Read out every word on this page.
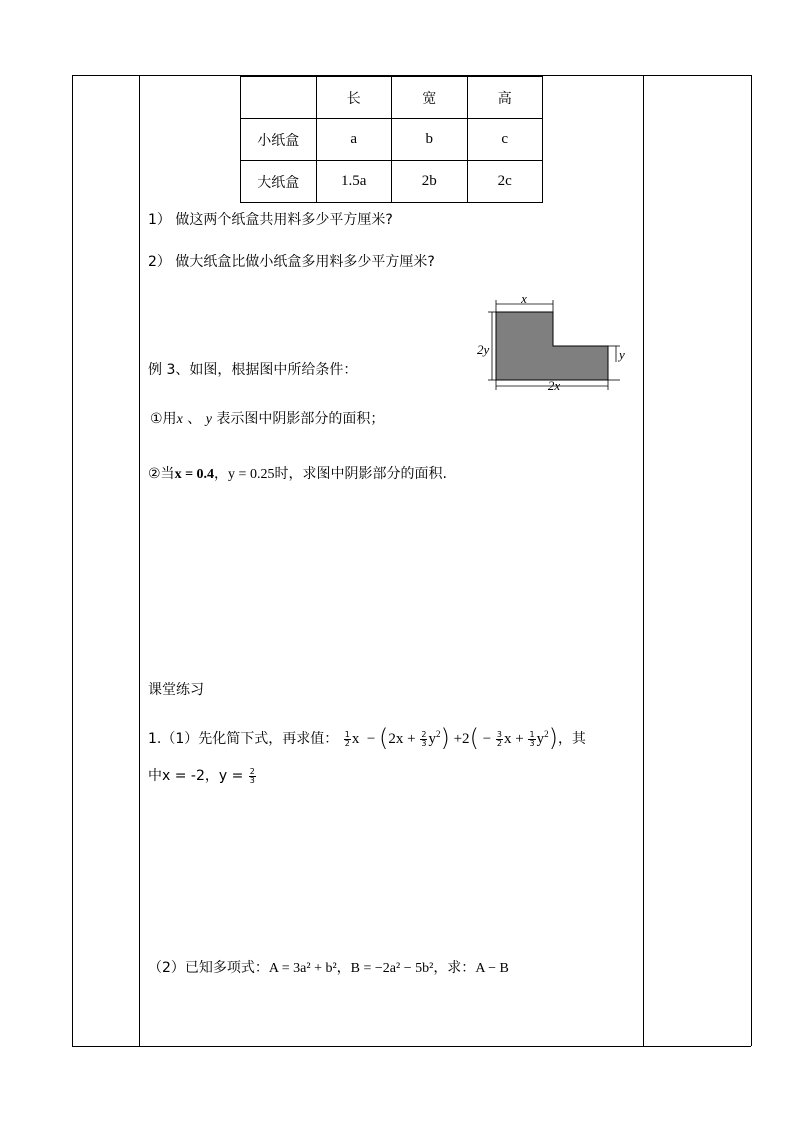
	长	宽	高
小纸盒	a	b	c
大纸盒	1.5a	2b	2c
1） 做这两个纸盒共用料多少平方厘米?
2） 做大纸盒比做小纸盒多用料多少平方厘米?
x
2y	y
2x
例 3、如图，根据图中所给条件：
①用x 、 y 表示图中阴影部分的面积；
②当x = 0.4，y = 0.25时，求图中阴影部分的面积.
课堂练习
1.（1）先化简下式，再求值： $\frac{1}{2}$ $x - (2x + \frac{2}{3} y^2) +2( - \frac{3}{2}$ $x + \frac{1}{3} y^2$)，其
中x = -2，$y = \frac{2}{3}$
（2）已知多项式：A = 3a² + b²，B = −2a² − 5b²，求：A − B
